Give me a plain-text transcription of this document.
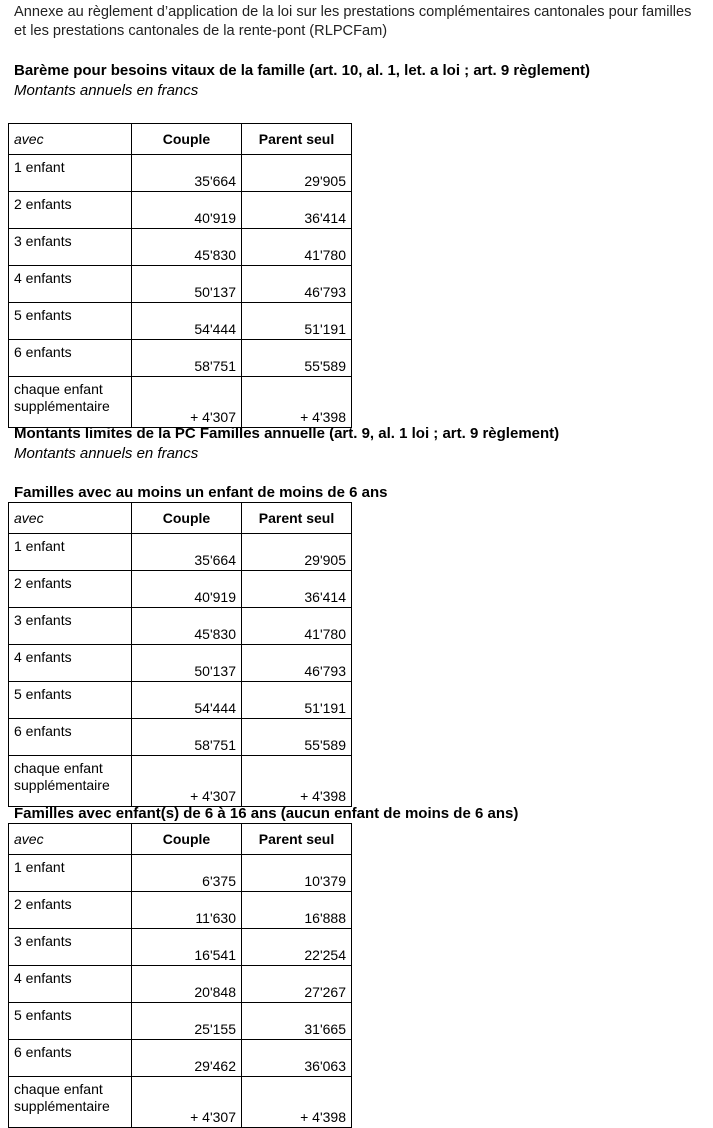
Annexe au règlement d’application de la loi sur les prestations complémentaires cantonales pour familles et les prestations cantonales de la rente-pont (RLPCFam)
Barème pour besoins vitaux de la famille (art. 10, al. 1, let. a loi ; art. 9 règlement)
Montants annuels en francs
avec	Couple	Parent seul
1 enfant	35'664	29'905
2 enfants	40'919	36'414
3 enfants	45'830	41'780
4 enfants	50'137	46'793
5 enfants	54'444	51'191
6 enfants	58'751	55'589
chaque enfant supplémentaire	+ 4'307	+ 4'398
Montants limites de la PC Familles annuelle (art. 9, al. 1 loi ; art. 9 règlement)
Montants annuels en francs
Familles avec au moins un enfant de moins de 6 ans
avec	Couple	Parent seul
1 enfant	35'664	29'905
2 enfants	40'919	36'414
3 enfants	45'830	41'780
4 enfants	50'137	46'793
5 enfants	54'444	51'191
6 enfants	58'751	55'589
chaque enfant supplémentaire	+ 4'307	+ 4'398
Familles avec enfant(s) de 6 à 16 ans (aucun enfant de moins de 6 ans)
avec	Couple	Parent seul
1 enfant	6'375	10'379
2 enfants	11'630	16'888
3 enfants	16'541	22'254
4 enfants	20'848	27'267
5 enfants	25'155	31'665
6 enfants	29'462	36'063
chaque enfant supplémentaire	+ 4'307	+ 4'398
